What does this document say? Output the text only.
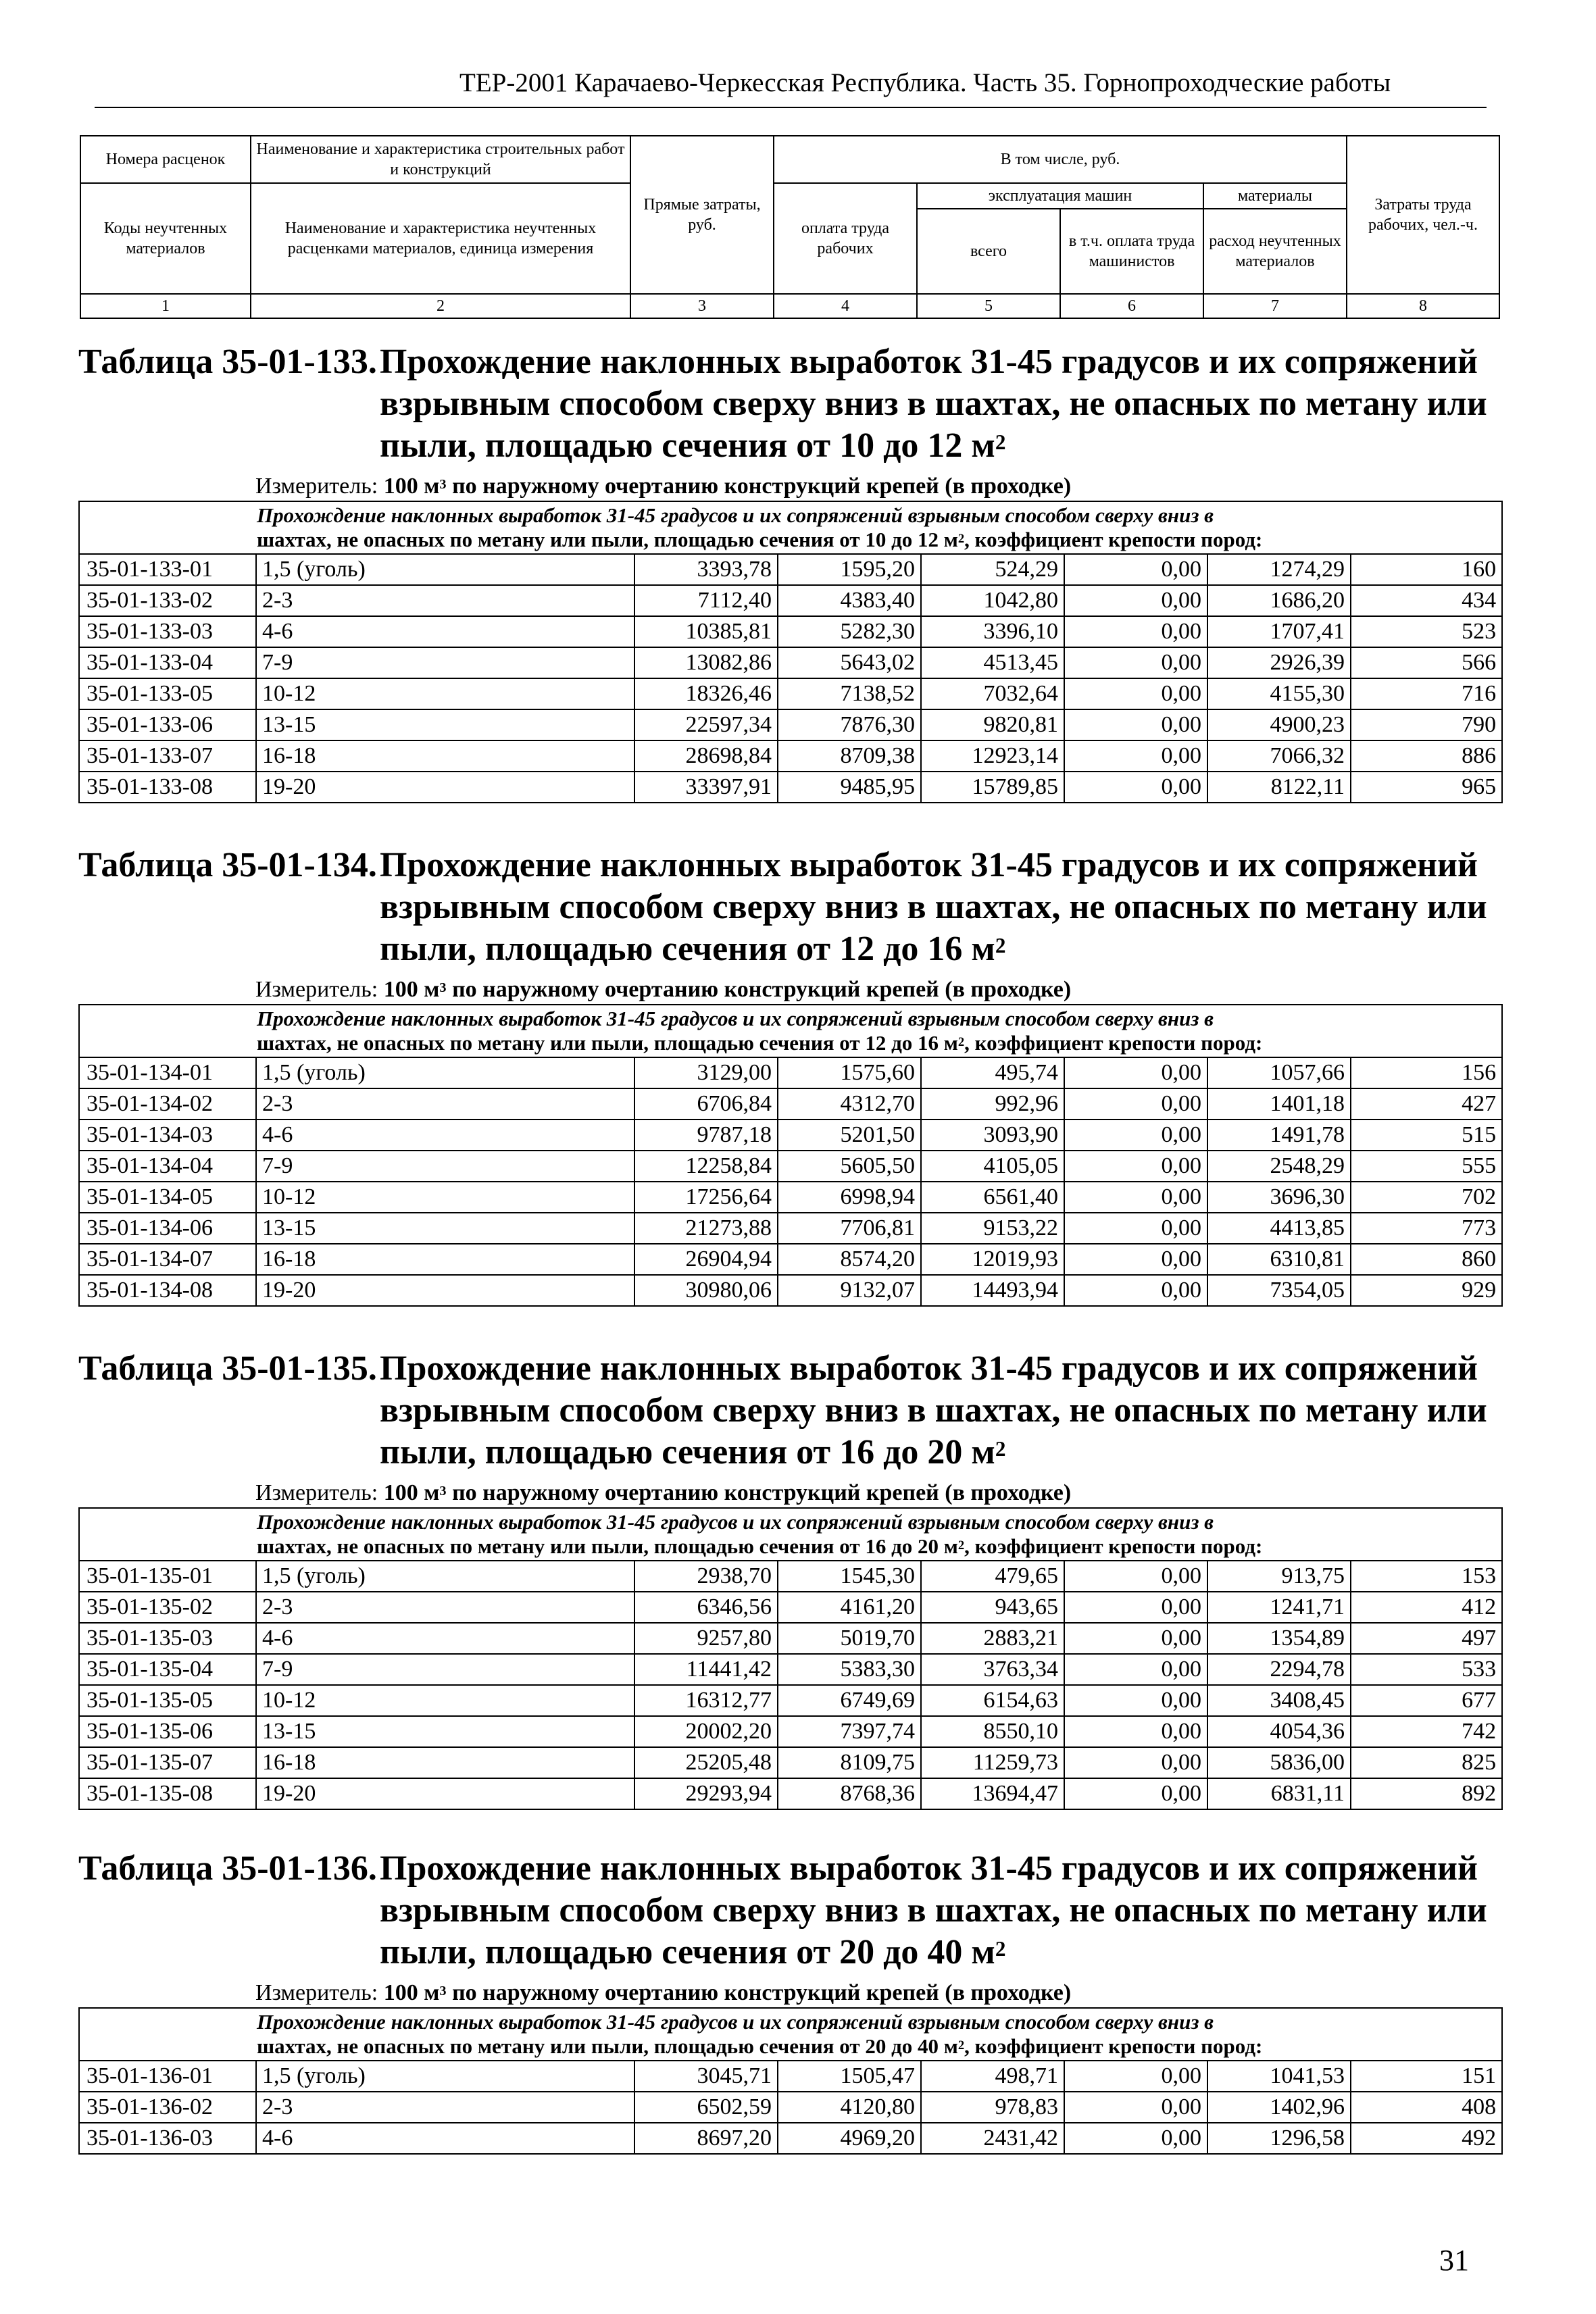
ТЕР-2001 Карачаево-Черкесская Республика. Часть 35. Горнопроходческие работы
Номера расценок	Наименование и характеристика строительных работ и конструкций	Прямые затраты, руб.	В том числе, руб.				Затраты труда рабочих, чел.-ч.
Коды неучтенных материалов	Наименование и характеристика неучтенных расценками материалов, единица измерения		оплата труда рабочих	эксплуатация машин		материалы	
				всего	в т.ч. оплата труда машинистов	расход неучтенных материалов	

1	2	3	4	5	6	7	8
Таблица 35-01-133. Прохождение наклонных выработок 31-45 градусов и их сопряжений взрывным способом сверху вниз в шахтах, не опасных по метану или пыли, площадью сечения от 10 до 12 $м^2$
Измеритель: 100 $м^3$ по наружному очертанию конструкций крепей (в проходке)
Прохождение наклонных выработок 31-45 градусов и их сопряжений взрывным способом сверху вниз в
шахтах, не опасных по метану или пыли, площадью сечения от 10 до 12 $м^2$, коэффициент крепости пород:							
35-01-133-01	1,5 (уголь)	3393,78	1595,20	524,29	0,00	1274,29	160
35-01-133-02	2-3	7112,40	4383,40	1042,80	0,00	1686,20	434
35-01-133-03	4-6	10385,81	5282,30	3396,10	0,00	1707,41	523
35-01-133-04	7-9	13082,86	5643,02	4513,45	0,00	2926,39	566
35-01-133-05	10-12	18326,46	7138,52	7032,64	0,00	4155,30	716
35-01-133-06	13-15	22597,34	7876,30	9820,81	0,00	4900,23	790
35-01-133-07	16-18	28698,84	8709,38	12923,14	0,00	7066,32	886
35-01-133-08	19-20	33397,91	9485,95	15789,85	0,00	8122,11	965
Таблица 35-01-134. Прохождение наклонных выработок 31-45 градусов и их сопряжений взрывным способом сверху вниз в шахтах, не опасных по метану или пыли, площадью сечения от 12 до 16 $м^2$
Измеритель: 100 $м^3$ по наружному очертанию конструкций крепей (в проходке)
Прохождение наклонных выработок 31-45 градусов и их сопряжений взрывным способом сверху вниз в
шахтах, не опасных по метану или пыли, площадью сечения от 12 до 16 $м^2$, коэффициент крепости пород:							
35-01-134-01	1,5 (уголь)	3129,00	1575,60	495,74	0,00	1057,66	156
35-01-134-02	2-3	6706,84	4312,70	992,96	0,00	1401,18	427
35-01-134-03	4-6	9787,18	5201,50	3093,90	0,00	1491,78	515
35-01-134-04	7-9	12258,84	5605,50	4105,05	0,00	2548,29	555
35-01-134-05	10-12	17256,64	6998,94	6561,40	0,00	3696,30	702
35-01-134-06	13-15	21273,88	7706,81	9153,22	0,00	4413,85	773
35-01-134-07	16-18	26904,94	8574,20	12019,93	0,00	6310,81	860
35-01-134-08	19-20	30980,06	9132,07	14493,94	0,00	7354,05	929
Таблица 35-01-135. Прохождение наклонных выработок 31-45 градусов и их сопряжений взрывным способом сверху вниз в шахтах, не опасных по метану или пыли, площадью сечения от 16 до 20 $м^2$
Измеритель: 100 $м^3$ по наружному очертанию конструкций крепей (в проходке)
Прохождение наклонных выработок 31-45 градусов и их сопряжений взрывным способом сверху вниз в
шахтах, не опасных по метану или пыли, площадью сечения от 16 до 20 $м^2$, коэффициент крепости пород:							
35-01-135-01	1,5 (уголь)	2938,70	1545,30	479,65	0,00	913,75	153
35-01-135-02	2-3	6346,56	4161,20	943,65	0,00	1241,71	412
35-01-135-03	4-6	9257,80	5019,70	2883,21	0,00	1354,89	497
35-01-135-04	7-9	11441,42	5383,30	3763,34	0,00	2294,78	533
35-01-135-05	10-12	16312,77	6749,69	6154,63	0,00	3408,45	677
35-01-135-06	13-15	20002,20	7397,74	8550,10	0,00	4054,36	742
35-01-135-07	16-18	25205,48	8109,75	11259,73	0,00	5836,00	825
35-01-135-08	19-20	29293,94	8768,36	13694,47	0,00	6831,11	892
Таблица 35-01-136. Прохождение наклонных выработок 31-45 градусов и их сопряжений взрывным способом сверху вниз в шахтах, не опасных по метану или пыли, площадью сечения от 20 до 40 $м^2$
Измеритель: 100 $м^3$ по наружному очертанию конструкций крепей (в проходке)
Прохождение наклонных выработок 31-45 градусов и их сопряжений взрывным способом сверху вниз в
шахтах, не опасных по метану или пыли, площадью сечения от 20 до 40 $м^2$, коэффициент крепости пород:							
35-01-136-01	1,5 (уголь)	3045,71	1505,47	498,71	0,00	1041,53	151
35-01-136-02	2-3	6502,59	4120,80	978,83	0,00	1402,96	408
35-01-136-03	4-6	8697,20	4969,20	2431,42	0,00	1296,58	492
31
